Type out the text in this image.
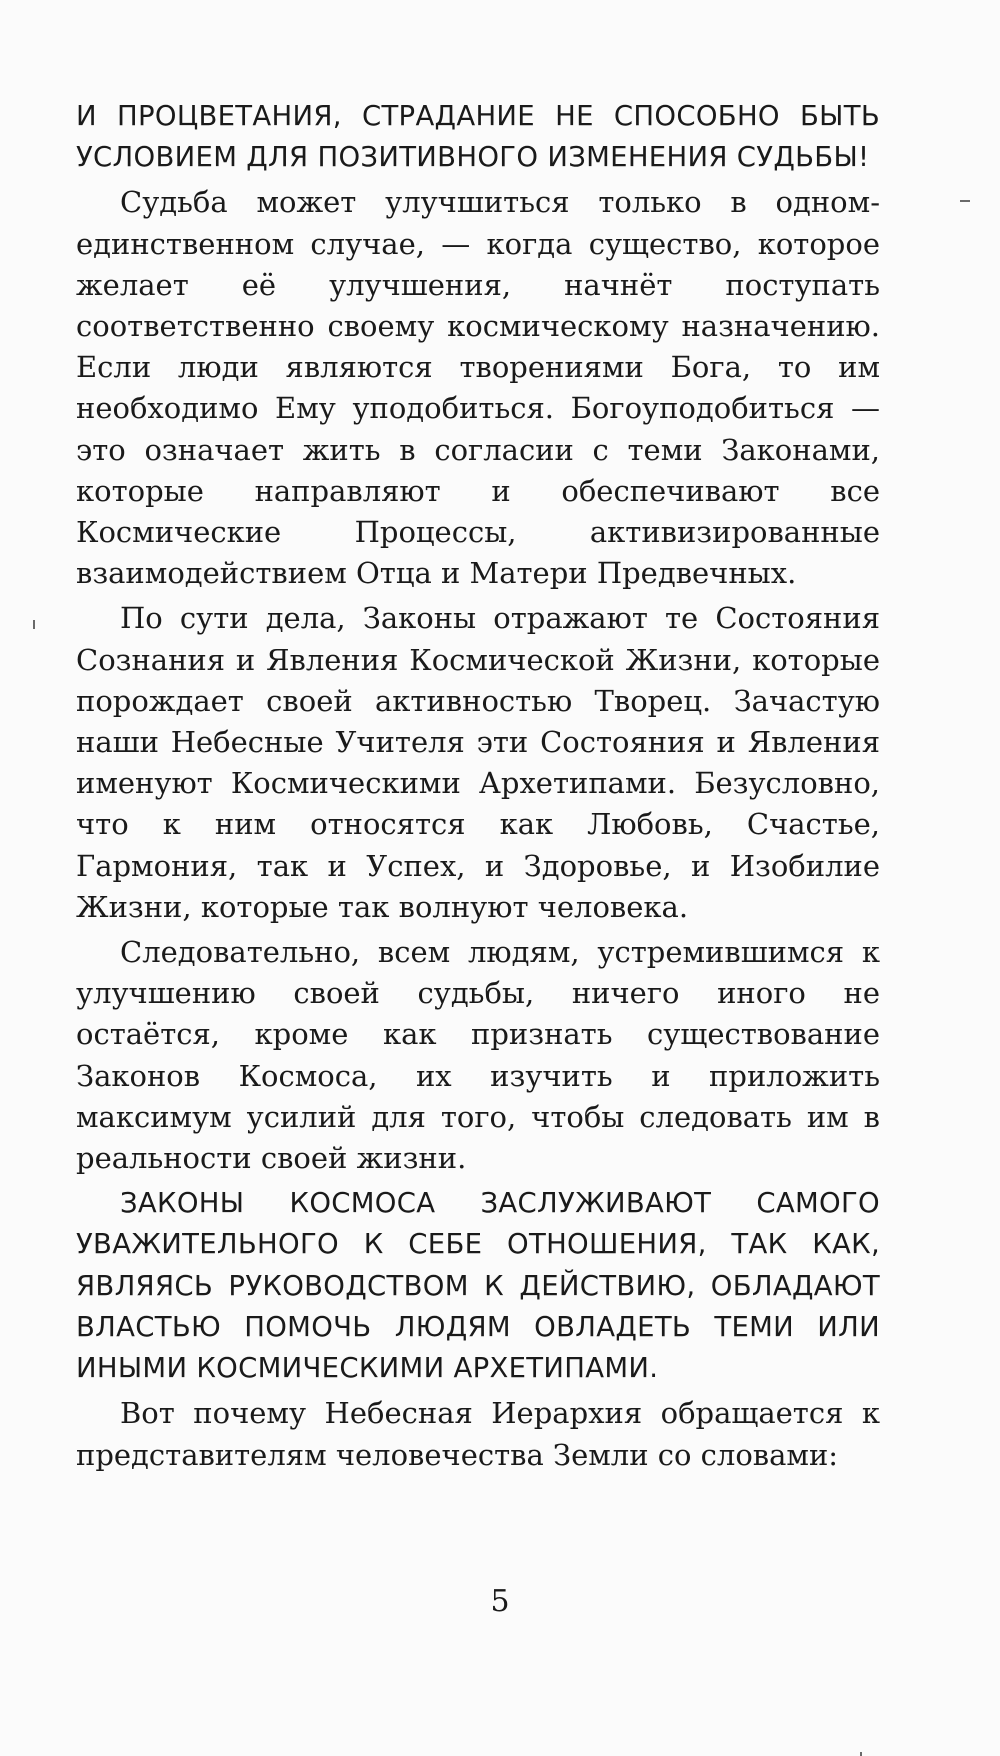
И ПРОЦВЕТАНИЯ, СТРАДАНИЕ НЕ СПОСОБНО БЫТЬ УСЛОВИЕМ ДЛЯ ПОЗИТИВНОГО ИЗМЕНЕНИЯ СУДЬБЫ!

Судьба может улучшиться только в одном-единственном случае, — когда существо, которое желает её улучшения, начнёт поступать соответственно своему космическому назначению. Если люди являются творениями Бога, то им необходимо Ему уподобиться. Богоуподобиться — это означает жить в согласии с теми Законами, которые направляют и обеспечивают все Космические Процессы, активизированные взаимодействием Отца и Матери Предвечных.

По сути дела, Законы отражают те Состояния Сознания и Явления Космической Жизни, которые порождает своей активностью Творец. Зачастую наши Небесные Учителя эти Состояния и Явления именуют Космическими Архетипами. Безусловно, что к ним относятся как Любовь, Счастье, Гармония, так и Успех, и Здоровье, и Изобилие Жизни, которые так волнуют человека.

Следовательно, всем людям, устремившимся к улучшению своей судьбы, ничего иного не остаётся, кроме как признать существование Законов Космоса, их изучить и приложить максимум усилий для того, чтобы следовать им в реальности своей жизни.

ЗАКОНЫ КОСМОСА ЗАСЛУЖИВАЮТ САМОГО УВАЖИТЕЛЬНОГО К СЕБЕ ОТНОШЕНИЯ, ТАК КАК, ЯВЛЯЯСЬ РУКОВОДСТВОМ К ДЕЙСТВИЮ, ОБЛАДАЮТ ВЛАСТЬЮ ПОМОЧЬ ЛЮДЯМ ОВЛАДЕТЬ ТЕМИ ИЛИ ИНЫМИ КОСМИЧЕСКИМИ АРХЕТИПАМИ.

Вот почему Небесная Иерархия обращается к представителям человечества Земли со словами:

5
